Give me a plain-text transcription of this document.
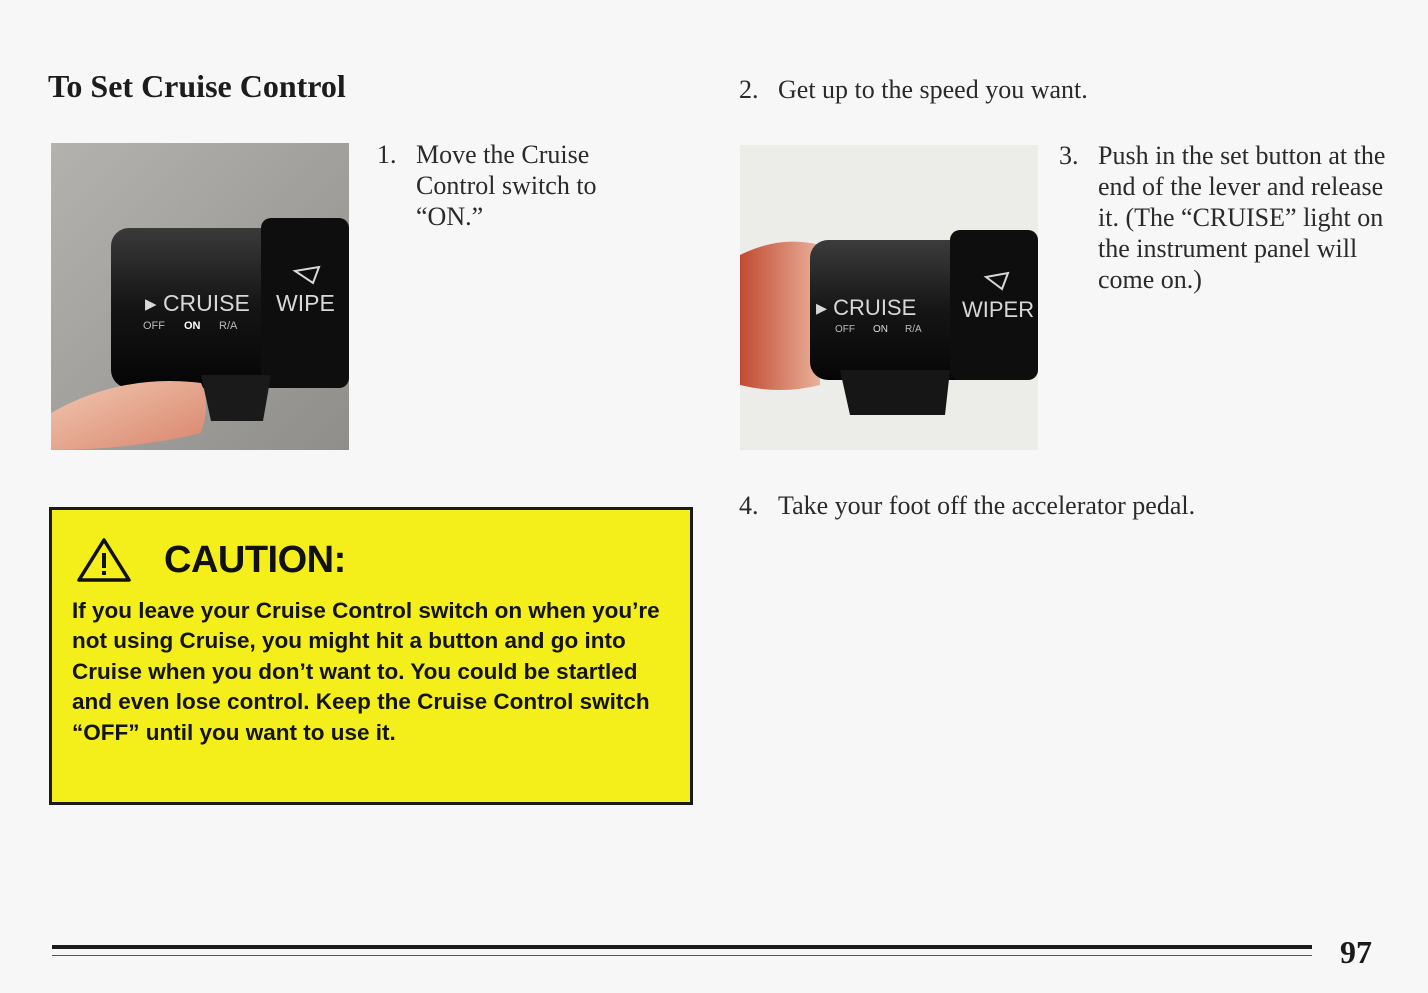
To Set Cruise Control
▸ CRUISE WIPE
OFF ON R/A
1. Move the Cruise Control switch to “ON.”
2. Get up to the speed you want.
▸ CRUISE WIPER
OFF ON R/A
3. Push in the set button at the end of the lever and release it. (The “CRUISE” light on the instrument panel will come on.)
4. Take your foot off the accelerator pedal.
CAUTION:
If you leave your Cruise Control switch on when you’re not using Cruise, you might hit a button and go into Cruise when you don’t want to. You could be startled and even lose control. Keep the Cruise Control switch “OFF” until you want to use it.
97
